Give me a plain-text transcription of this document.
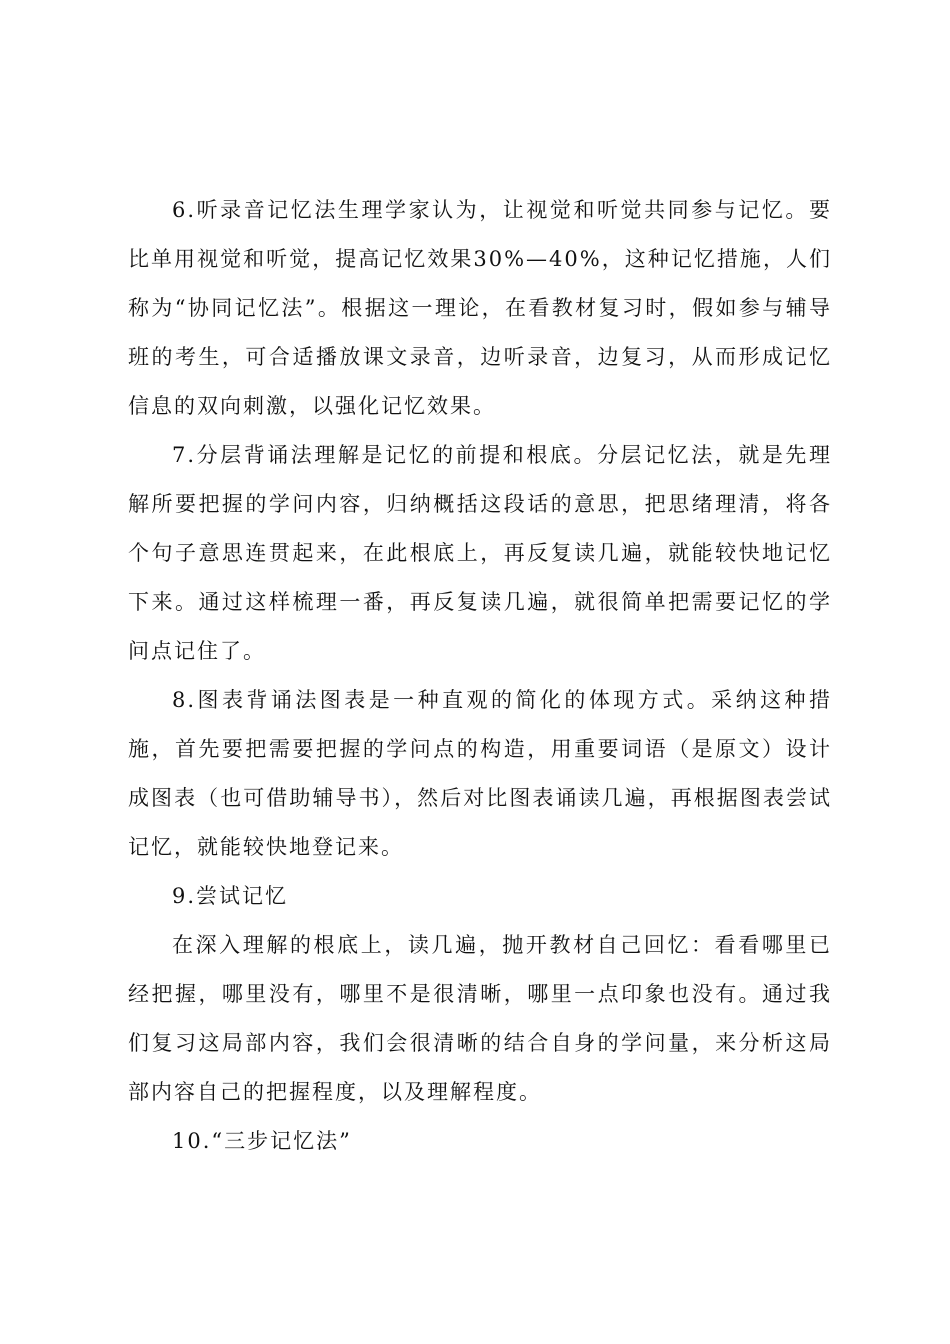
6.听录音记忆法生理学家认为，让视觉和听觉共同参与记忆。要比单用视觉和听觉，提高记忆效果30%—40%，这种记忆措施，人们称为“协同记忆法”。根据这一理论，在看教材复习时，假如参与辅导班的考生，可合适播放课文录音，边听录音，边复习，从而形成记忆信息的双向刺激，以强化记忆效果。

7.分层背诵法理解是记忆的前提和根底。分层记忆法，就是先理解所要把握的学问内容，归纳概括这段话的意思，把思绪理清，将各个句子意思连贯起来，在此根底上，再反复读几遍，就能较快地记忆下来。通过这样梳理一番，再反复读几遍，就很简单把需要记忆的学问点记住了。

8.图表背诵法图表是一种直观的简化的体现方式。采纳这种措施，首先要把需要把握的学问点的构造，用重要词语（是原文）设计成图表（也可借助辅导书），然后对比图表诵读几遍，再根据图表尝试记忆，就能较快地登记来。

9.尝试记忆

在深入理解的根底上，读几遍，抛开教材自己回忆：看看哪里已经把握，哪里没有，哪里不是很清晰，哪里一点印象也没有。通过我们复习这局部内容，我们会很清晰的结合自身的学问量，来分析这局部内容自己的把握程度，以及理解程度。

10.“三步记忆法”
